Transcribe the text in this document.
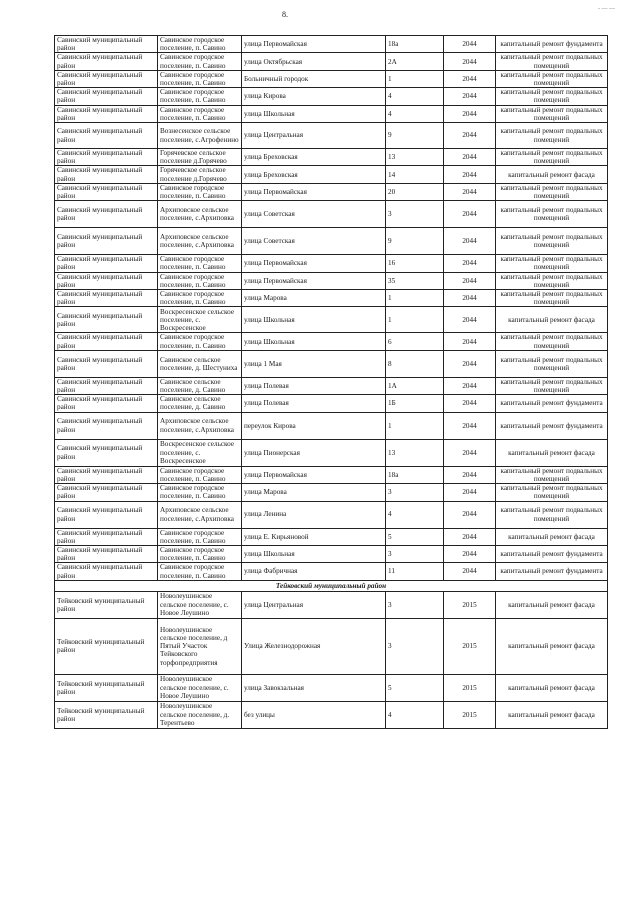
8.
- — —
Савинский муниципальный район	Савинское городское поселение, п. Савино	улица Первомайская	18а	2044	капитальный ремонт фундамента
Савинский муниципальный район	Савинское городское поселение, п. Савино	улица Октябрьская	2А	2044	капитальный ремонт подвальных помещений
Савинский муниципальный район	Савинское городское поселение, п. Савино	Больничный городок	1	2044	капитальный ремонт подвальных помещений
Савинский муниципальный район	Савинское городское поселение, п. Савино	улица Кирова	4	2044	капитальный ремонт подвальных помещений
Савинский муниципальный район	Савинское городское поселение, п. Савино	улица Школьная	4	2044	капитальный ремонт подвальных помещений
Савинский муниципальный район	Вознесенское сельское поселение, с.Агрофенино	улица Центральная	9	2044	капитальный ремонт подвальных помещений
Савинский муниципальный район	Горячевское сельское поселение д.Горячево	улица Бреховская	13	2044	капитальный ремонт подвальных помещений
Савинский муниципальный район	Горячевское сельское поселение д.Горячево	улица Бреховская	14	2044	капитальный ремонт фасада
Савинский муниципальный район	Савинское городское поселение, п. Савино	улица Первомайская	20	2044	капитальный ремонт подвальных помещений
Савинский муниципальный район	Архиповское сельское поселение, с.Архиповка	улица Советская	3	2044	капитальный ремонт подвальных помещений
Савинский муниципальный район	Архиповское сельское поселение, с.Архиповка	улица Советская	9	2044	капитальный ремонт подвальных помещений
Савинский муниципальный район	Савинское городское поселение, п. Савино	улица Первомайская	16	2044	капитальный ремонт подвальных помещений
Савинский муниципальный район	Савинское городское поселение, п. Савино	улица Первомайская	35	2044	капитальный ремонт подвальных помещений
Савинский муниципальный район	Савинское городское поселение, п. Савино	улица Марова	1	2044	капитальный ремонт подвальных помещений
Савинский муниципальный район	Воскресенское сельское поселение, с. Воскресенское	улица Школьная	1	2044	капитальный ремонт фасада
Савинский муниципальный район	Савинское городское поселение, п. Савино	улица Школьная	6	2044	капитальный ремонт подвальных помещений
Савинский муниципальный район	Савинское сельское поселение, д. Шестуниха	улица 1 Мая	8	2044	капитальный ремонт подвальных помещений
Савинский муниципальный район	Савинское сельское поселение, д. Савино	улица Полевая	1А	2044	капитальный ремонт подвальных помещений
Савинский муниципальный район	Савинское сельское поселение, д. Савино	улица Полевая	1Б	2044	капитальный ремонт фундамента
Савинский муниципальный район	Архиповское сельское поселение, с.Архиповка	переулок Кирова	1	2044	капитальный ремонт фундамента
Савинский муниципальный район	Воскресенское сельское поселение, с. Воскресенское	улица Пионерская	13	2044	капитальный ремонт фасада
Савинский муниципальный район	Савинское городское поселение, п. Савино	улица Первомайская	18а	2044	капитальный ремонт подвальных помещений
Савинский муниципальный район	Савинское городское поселение, п. Савино	улица Марова	3	2044	капитальный ремонт подвальных помещений
Савинский муниципальный район	Архиповское сельское поселение, с.Архиповка	улица Ленина	4	2044	капитальный ремонт подвальных помещений
Савинский муниципальный район	Савинское городское поселение, п. Савино	улица Е. Кирьяновой	5	2044	капитальный ремонт фасада
Савинский муниципальный район	Савинское городское поселение, п. Савино	улица Школьная	3	2044	капитальный ремонт фундамента
Савинский муниципальный район	Савинское городское поселение, п. Савино	улица Фабричная	11	2044	капитальный ремонт фундамента
Тейковский муниципальный район					
Тейковский муниципальный район	Новолеушинское сельское поселение, с. Новое Леушино	улица Центральная	3	2015	капитальный ремонт фасада
Тейковский муниципальный район	Новолеушинское сельское поселение, д Пятый Участок Тейковского торфопредприятия	Улица Железнодорожная	3	2015	капитальный ремонт фасада
Тейковский муниципальный район	Новолеушинское сельское поселение, с. Новое Леушино	улица Завокзальная	5	2015	капитальный ремонт фасада
Тейковский муниципальный район	Новолеушинское сельское поселение, д. Терентьево	без улицы	4	2015	капитальный ремонт фасада
